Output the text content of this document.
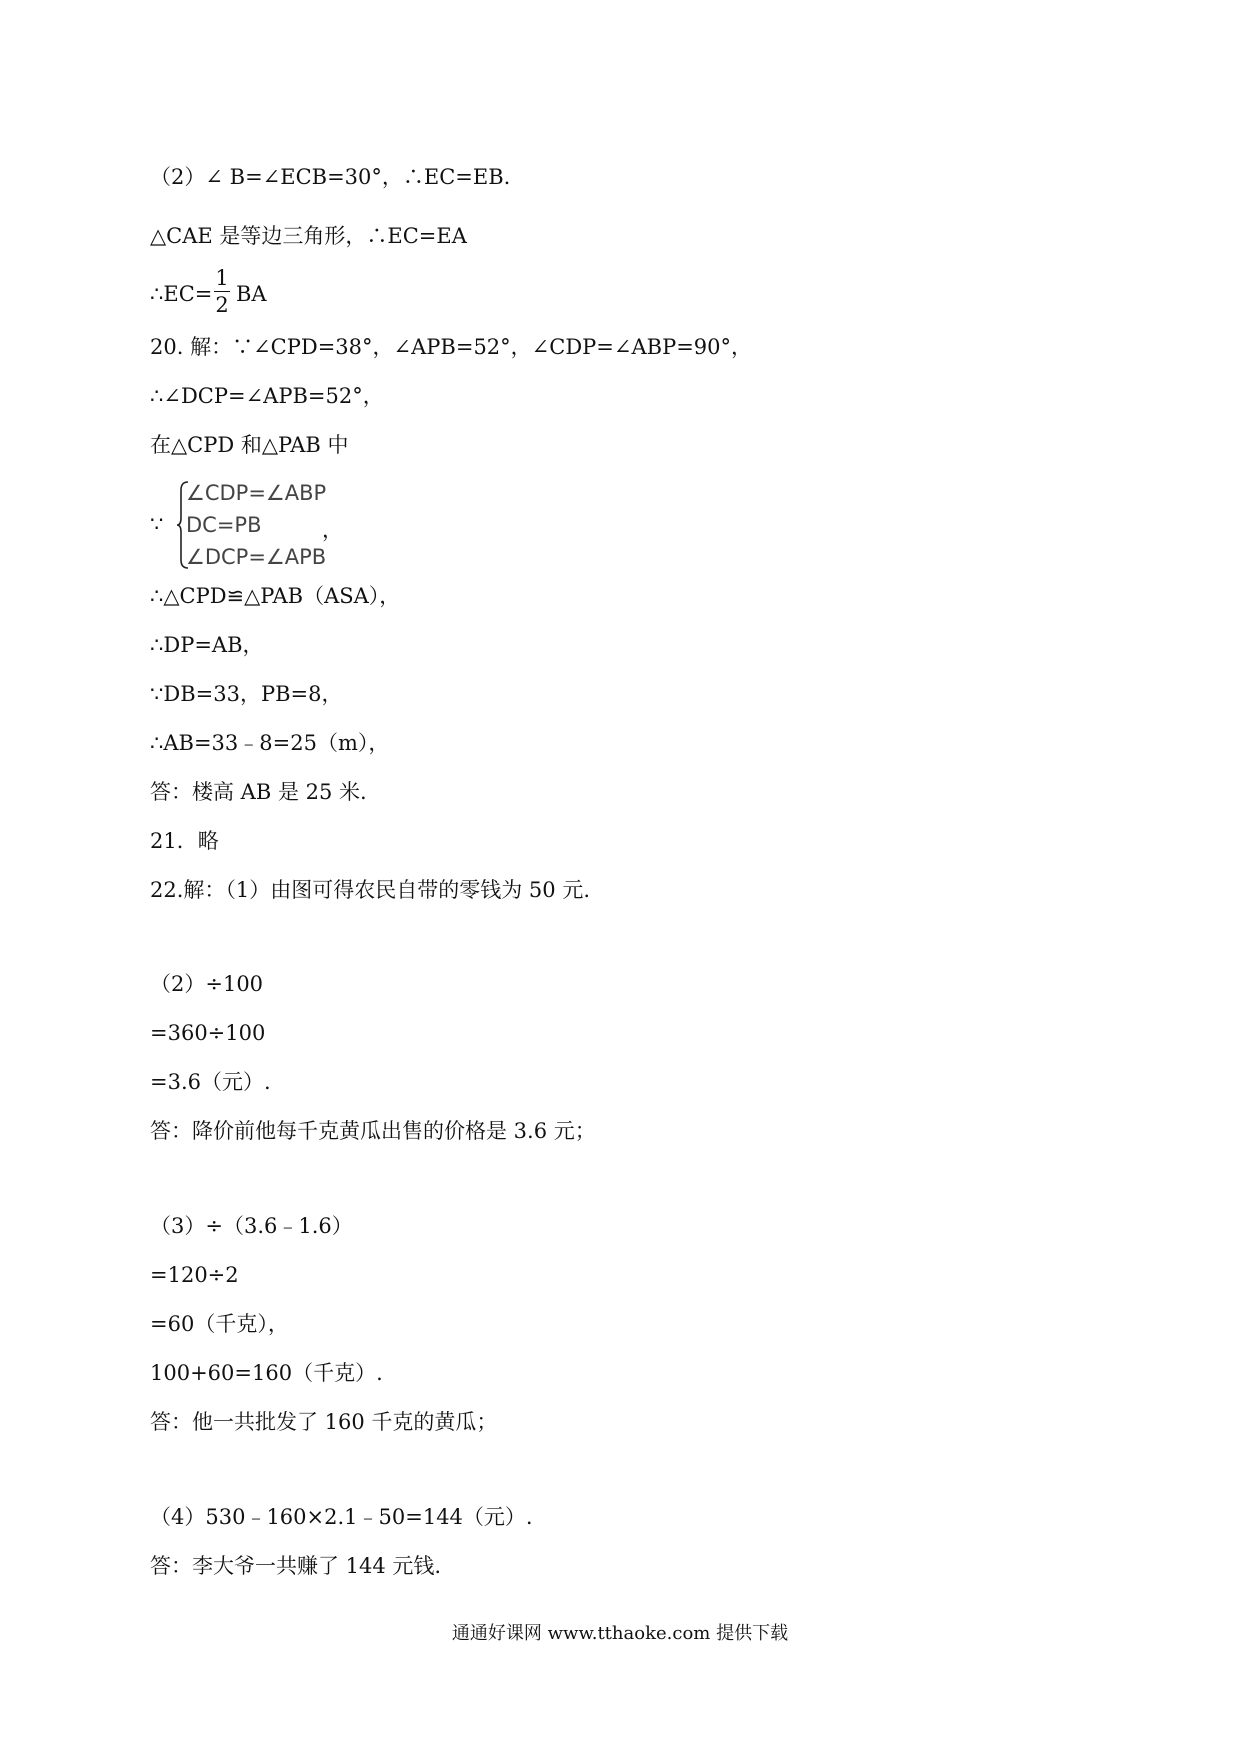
（2）∠ B=∠ECB=30°，∴EC=EB.
△CAE 是等边三角形，∴EC=EA
∴EC=
1
2 BA
20. 解：∵∠CPD=38°，∠APB=52°，∠CDP=∠ABP=90°，
∴∠DCP=∠APB=52°，
在△CPD 和△PAB 中
∵
∠CDP=∠ABP
DC=PB
∠DCP=∠APB
，
∴△CPD≌△PAB（ASA），
∴DP=AB，
∵DB=33，PB=8，
∴AB=33﹣8=25（m），
答：楼高 AB 是 25 米.
21．略
22.解：（1）由图可得农民自带的零钱为 50 元.
（2）÷100
=360÷100
=3.6（元）.
答：降价前他每千克黄瓜出售的价格是 3.6 元；
（3）÷（3.6﹣1.6）
=120÷2
=60（千克），
100+60=160（千克）.
答：他一共批发了 160 千克的黄瓜；
（4）530﹣160×2.1﹣50=144（元）.
答：李大爷一共赚了 144 元钱.
通通好课网 www.tthaoke.com 提供下载
